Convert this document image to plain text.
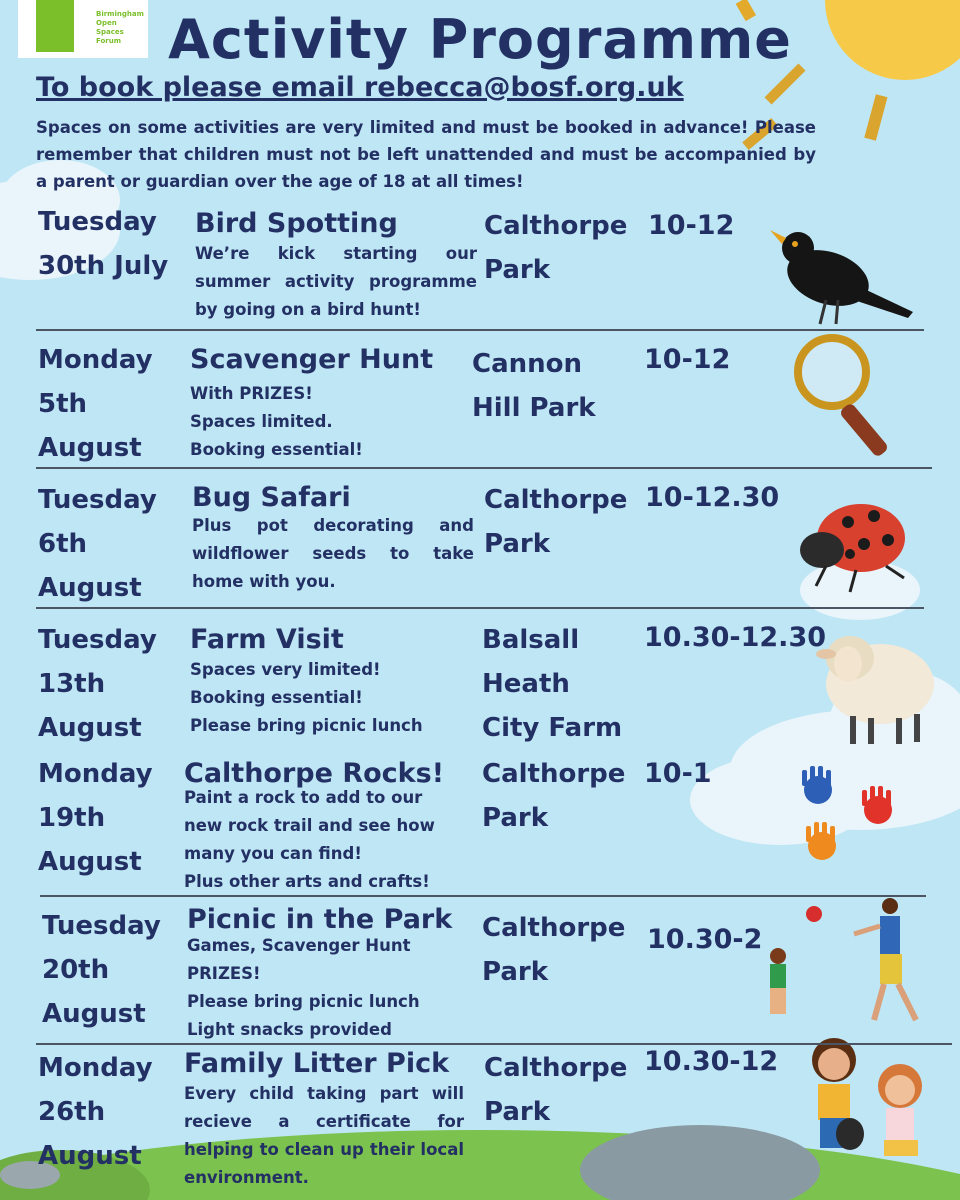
Birmingham
Open
Spaces
Forum Activity Programme
To book please email rebecca@bosf.org.uk
Spaces on some activities are very limited and must be booked in advance! Please remember that children must not be left unattended and must be accompanied by a parent or guardian over the age of 18 at all times!
Tuesday
30th July
Bird Spotting
We’re kick starting our summer activity programme by going on a bird hunt!
Calthorpe
Park
10-12
Monday
5th
August
Scavenger Hunt
With PRIZES!
Spaces limited.
Booking essential!
Cannon
Hill Park
10-12
Tuesday
6th
August
Bug Safari
Plus pot decorating and wildflower seeds to take home with you.
Calthorpe
Park
10-12.30
Tuesday
13th
August
Farm Visit
Spaces very limited!
Booking essential!
Please bring picnic lunch
Balsall
Heath
City Farm
10.30-12.30
Monday
19th
August
Calthorpe Rocks!
Paint a rock to add to our
new rock trail and see how
many you can find!
Plus other arts and crafts!
Calthorpe
Park
10-1
Tuesday
20th
August
Picnic in the Park
Games, Scavenger Hunt
PRIZES!
Please bring picnic lunch
Light snacks provided
Calthorpe
Park
10.30-2
Monday
26th
August
Family Litter Pick
Every child taking part will recieve a certificate for helping to clean up their local environment.
Calthorpe
Park
10.30-12
